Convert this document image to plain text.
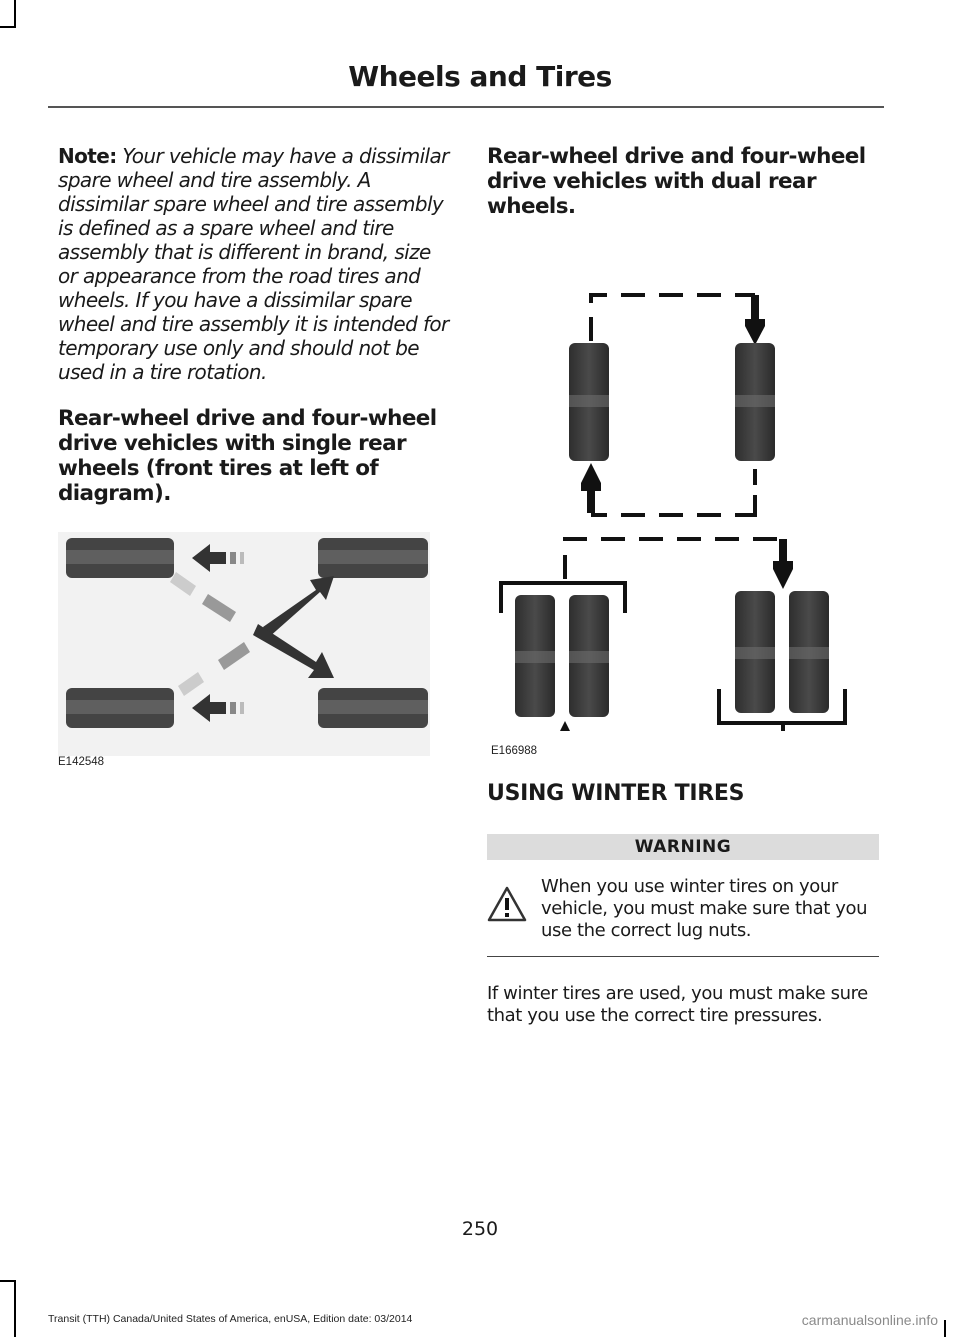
Wheels and Tires

Note: Your vehicle may have a dissimilar spare wheel and tire assembly. A dissimilar spare wheel and tire assembly is defined as a spare wheel and tire assembly that is different in brand, size or appearance from the road tires and wheels. If you have a dissimilar spare wheel and tire assembly it is intended for temporary use only and should not be used in a tire rotation.

Rear-wheel drive and four-wheel drive vehicles with single rear wheels (front tires at left of diagram).

E142548

Rear-wheel drive and four-wheel drive vehicles with dual rear wheels.

E166988

USING WINTER TIRES

WARNING
When you use winter tires on your vehicle, you must make sure that you use the correct lug nuts.

If winter tires are used, you must make sure that you use the correct tire pressures.

250
Transit (TTH) Canada/United States of America, enUSA, Edition date: 03/2014	carmanualsonline.info
